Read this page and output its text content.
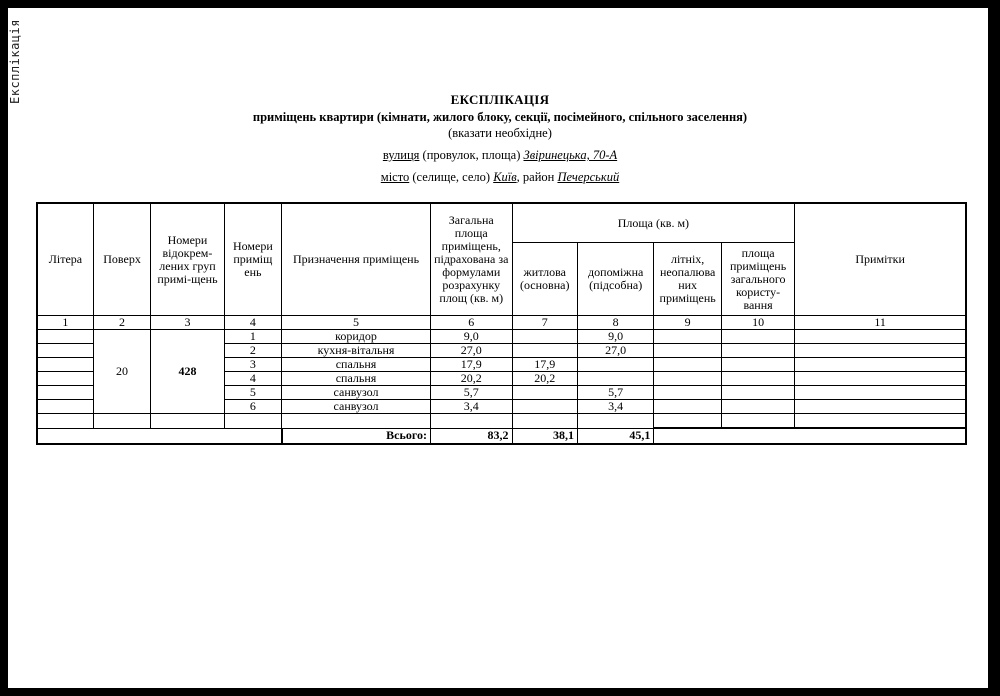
Експлікація	ЕКСПЛІКАЦІЯ
приміщень квартири (кімнати, жилого блоку, секції, посімейного, спільного заселення)
(вказати необхідне)
вулиця (провулок, площа) Звіринецька, 70-А
місто (селище, село) Київ, район Печерський
Літера	Поверх	Номери відокрем-лених груп примі-щень	Номери приміщ ень	Призначення приміщень	Загальна площа приміщень, підрахована за формулами розрахунку площ (кв. м)	Площа (кв. м)				Примітки
						житлова (основна)	допоміжна (підсобна)	літніх, неопалюва них приміщень	площа приміщень загального користу-вання	
1	2	3	4	5	6	7	8	9	10	11
	20	428	1	коридор	9,0		9,0			
			2	кухня-вітальня	27,0		27,0			
			3	спальня	17,9	17,9				
			4	спальня	20,2	20,2				
			5	санвузол	5,7		5,7			
			6	санвузол	3,4		3,4			

				Всього:	83,2	38,1	45,1			
